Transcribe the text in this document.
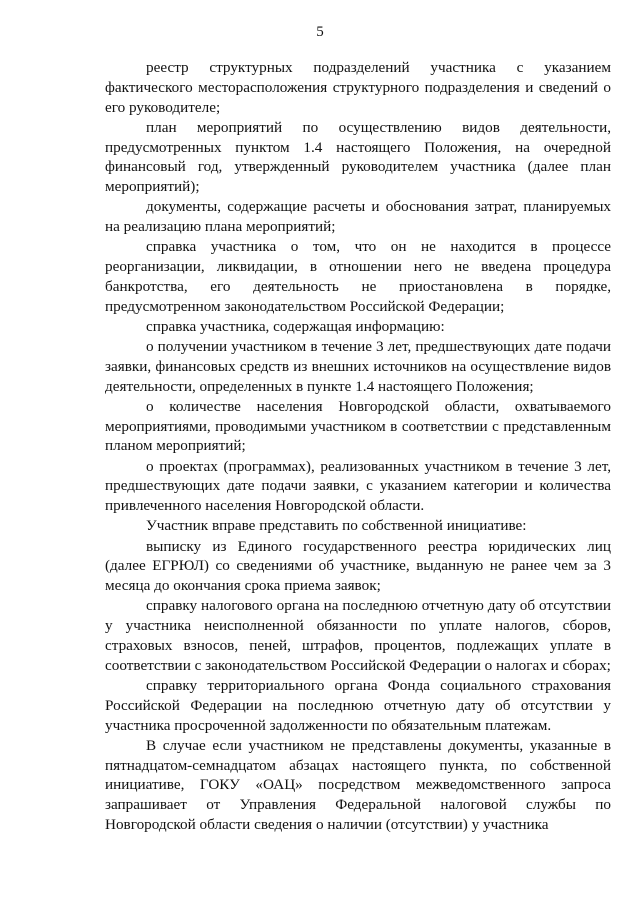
5

реестр структурных подразделений участника с указанием фактического месторасположения структурного подразделения и сведений о его руководителе;

план мероприятий по осуществлению видов деятельности, предусмотренных пунктом 1.4 настоящего Положения, на очередной финансовый год, утвержденный руководителем участника (далее план мероприятий);

документы, содержащие расчеты и обоснования затрат, планируемых на реализацию плана мероприятий;

справка участника о том, что он не находится в процессе реорганизации, ликвидации, в отношении него не введена процедура банкротства, его деятельность не приостановлена в порядке, предусмотренном законодательством Российской Федерации;

справка участника, содержащая информацию:

о получении участником в течение 3 лет, предшествующих дате подачи заявки, финансовых средств из внешних источников на осуществление видов деятельности, определенных в пункте 1.4 настоящего Положения;

о количестве населения Новгородской области, охватываемого мероприятиями, проводимыми участником в соответствии с представленным планом мероприятий;

о проектах (программах), реализованных участником в течение 3 лет, предшествующих дате подачи заявки, с указанием категории и количества привлеченного населения Новгородской области.

Участник вправе представить по собственной инициативе:

выписку из Единого государственного реестра юридических лиц (далее ЕГРЮЛ) со сведениями об участнике, выданную не ранее чем за 3 месяца до окончания срока приема заявок;

справку налогового органа на последнюю отчетную дату об отсутствии у участника неисполненной обязанности по уплате налогов, сборов, страховых взносов, пеней, штрафов, процентов, подлежащих уплате в соответствии с законодательством Российской Федерации о налогах и сборах;

справку территориального органа Фонда социального страхования Российской Федерации на последнюю отчетную дату об отсутствии у участника просроченной задолженности по обязательным платежам.

В случае если участником не представлены документы, указанные в пятнадцатом-семнадцатом абзацах настоящего пункта, по собственной инициативе, ГОКУ «ОАЦ» посредством межведомственного запроса запрашивает от Управления Федеральной налоговой службы по Новгородской области сведения о наличии (отсутствии) у участника
